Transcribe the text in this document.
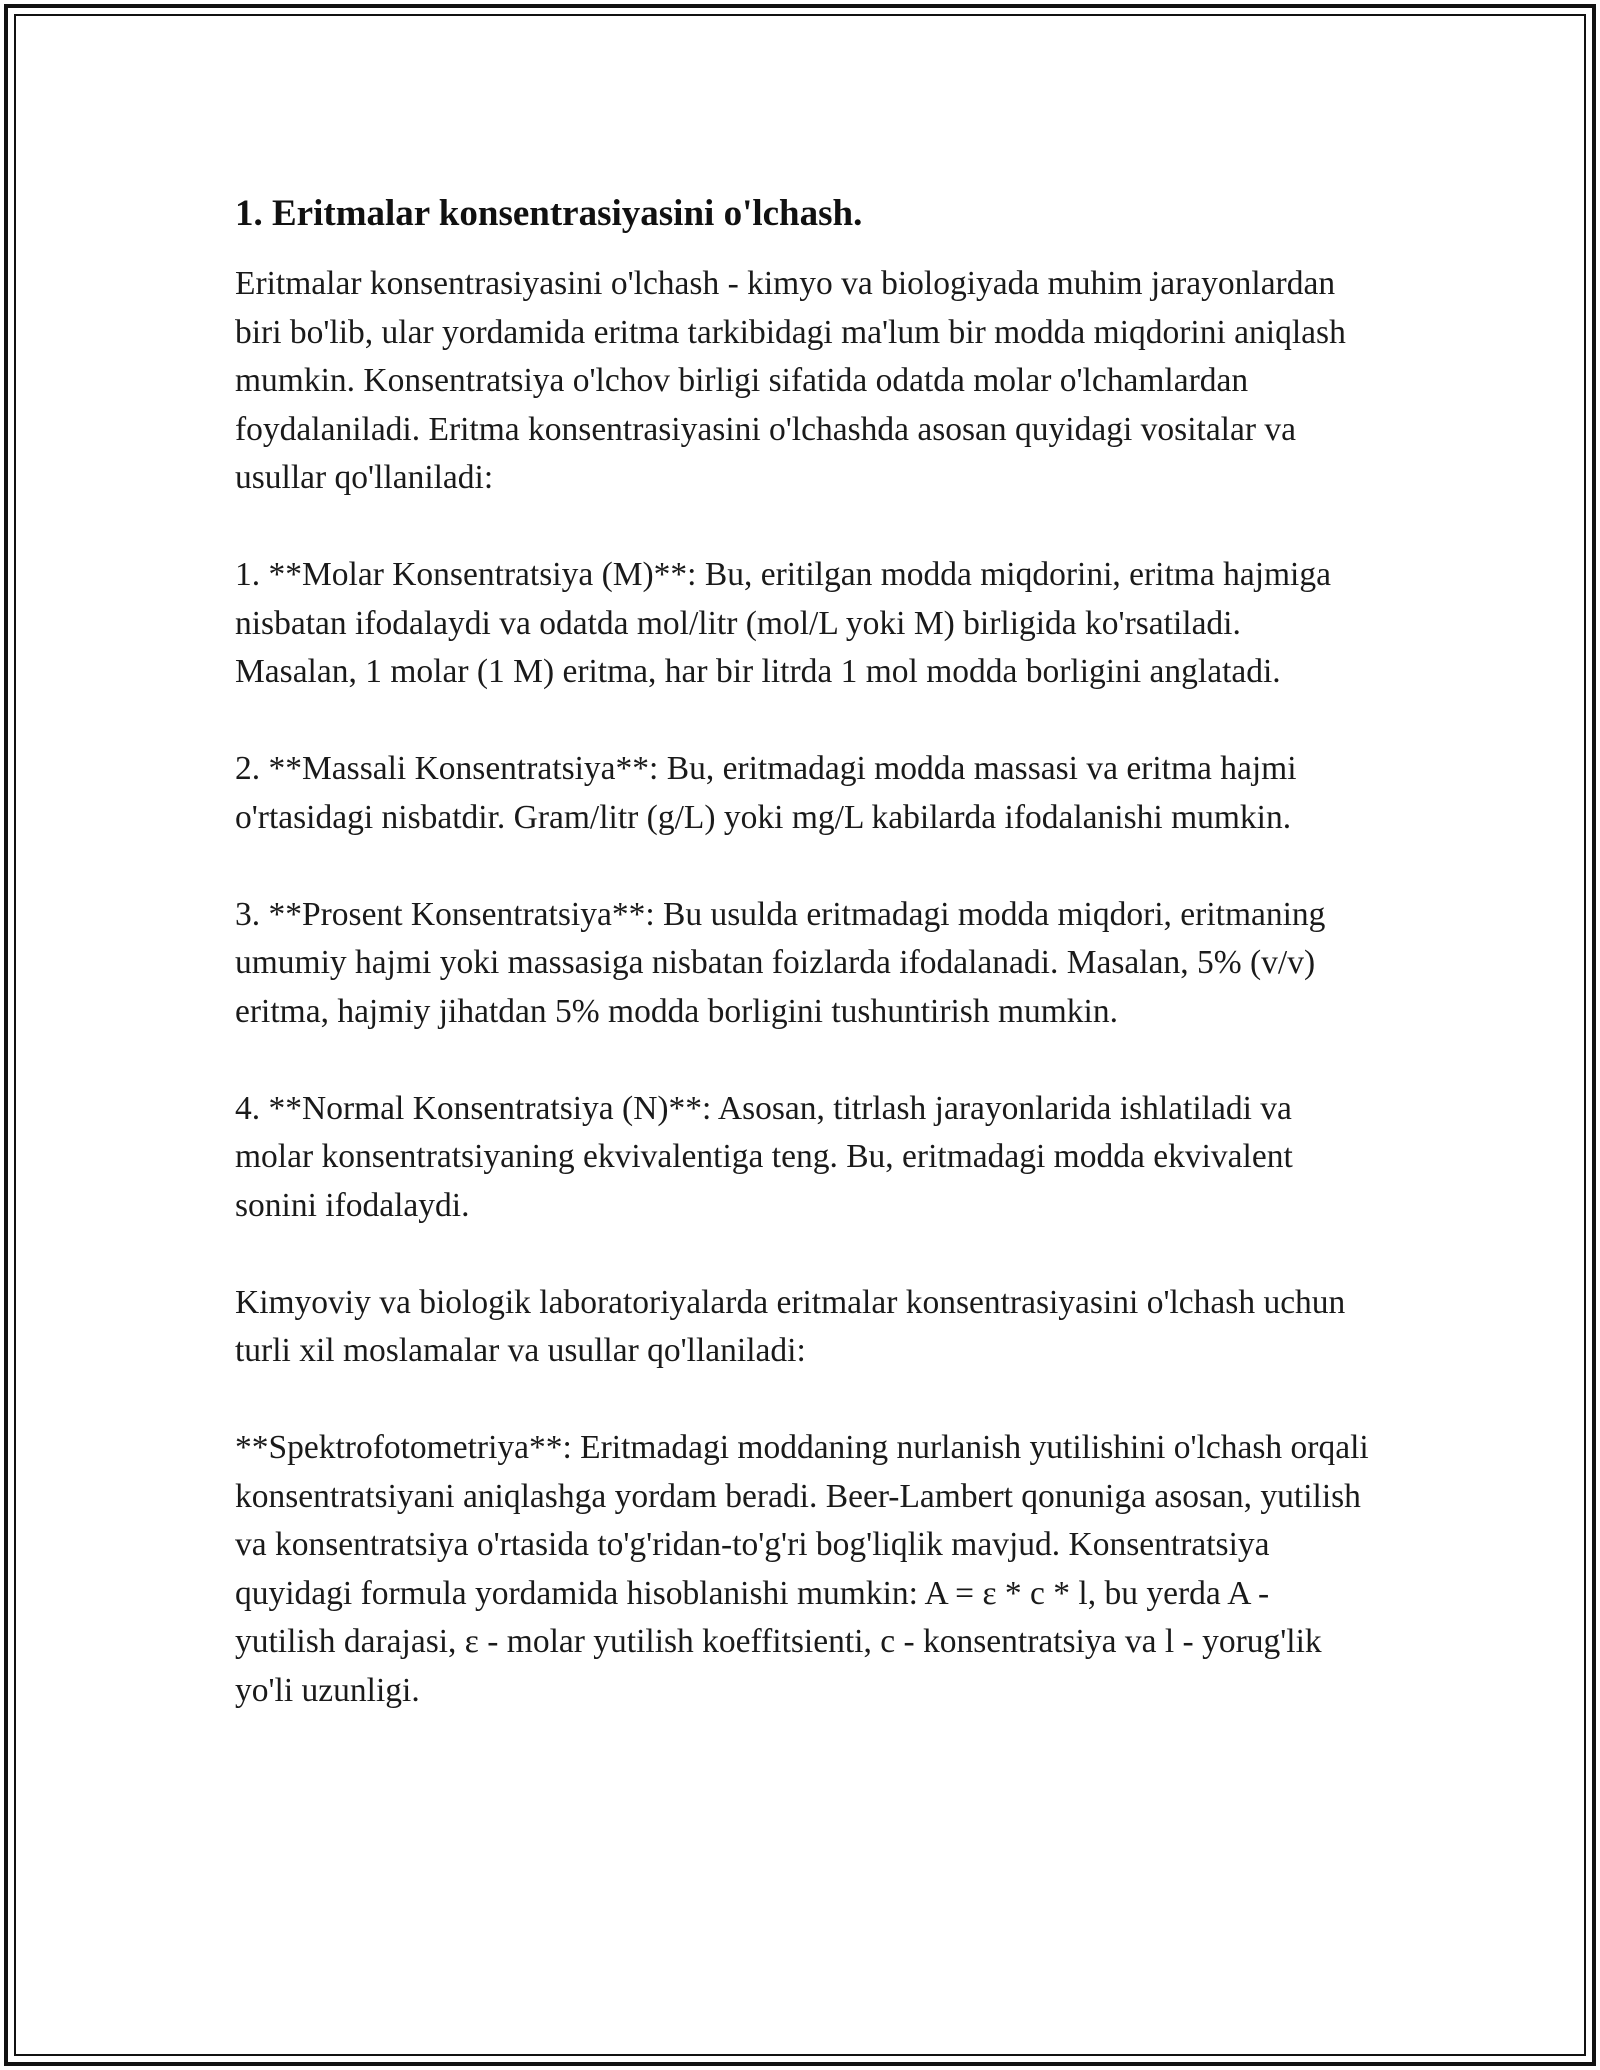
1. Eritmalar konsentrasiyasini o'lchash.

Eritmalar konsentrasiyasini o'lchash - kimyo va biologiyada muhim jarayonlardan biri bo'lib, ular yordamida eritma tarkibidagi ma'lum bir modda miqdorini aniqlash mumkin. Konsentratsiya o'lchov birligi sifatida odatda molar o'lchamlardan foydalaniladi. Eritma konsentrasiyasini o'lchashda asosan quyidagi vositalar va usullar qo'llaniladi:

1. **Molar Konsentratsiya (M)**: Bu, eritilgan modda miqdorini, eritma hajmiga nisbatan ifodalaydi va odatda mol/litr (mol/L yoki M) birligida ko'rsatiladi. Masalan, 1 molar (1 M) eritma, har bir litrda 1 mol modda borligini anglatadi.

2. **Massali Konsentratsiya**: Bu, eritmadagi modda massasi va eritma hajmi o'rtasidagi nisbatdir. Gram/litr (g/L) yoki mg/L kabilarda ifodalanishi mumkin.

3. **Prosent Konsentratsiya**: Bu usulda eritmadagi modda miqdori, eritmaning umumiy hajmi yoki massasiga nisbatan foizlarda ifodalanadi. Masalan, 5% (v/v) eritma, hajmiy jihatdan 5% modda borligini tushuntirish mumkin.

4. **Normal Konsentratsiya (N)**: Asosan, titrlash jarayonlarida ishlatiladi va molar konsentratsiyaning ekvivalentiga teng. Bu, eritmadagi modda ekvivalent sonini ifodalaydi.

Kimyoviy va biologik laboratoriyalarda eritmalar konsentrasiyasini o'lchash uchun turli xil moslamalar va usullar qo'llaniladi:

**Spektrofotometriya**: Eritmadagi moddaning nurlanish yutilishini o'lchash orqali konsentratsiyani aniqlashga yordam beradi. Beer-Lambert qonuniga asosan, yutilish va konsentratsiya o'rtasida to'g'ridan-to'g'ri bog'liqlik mavjud. Konsentratsiya quyidagi formula yordamida hisoblanishi mumkin: A = ε * c * l, bu yerda A - yutilish darajasi, ε - molar yutilish koeffitsienti, c - konsentratsiya va l - yorug'lik yo'li uzunligi.
